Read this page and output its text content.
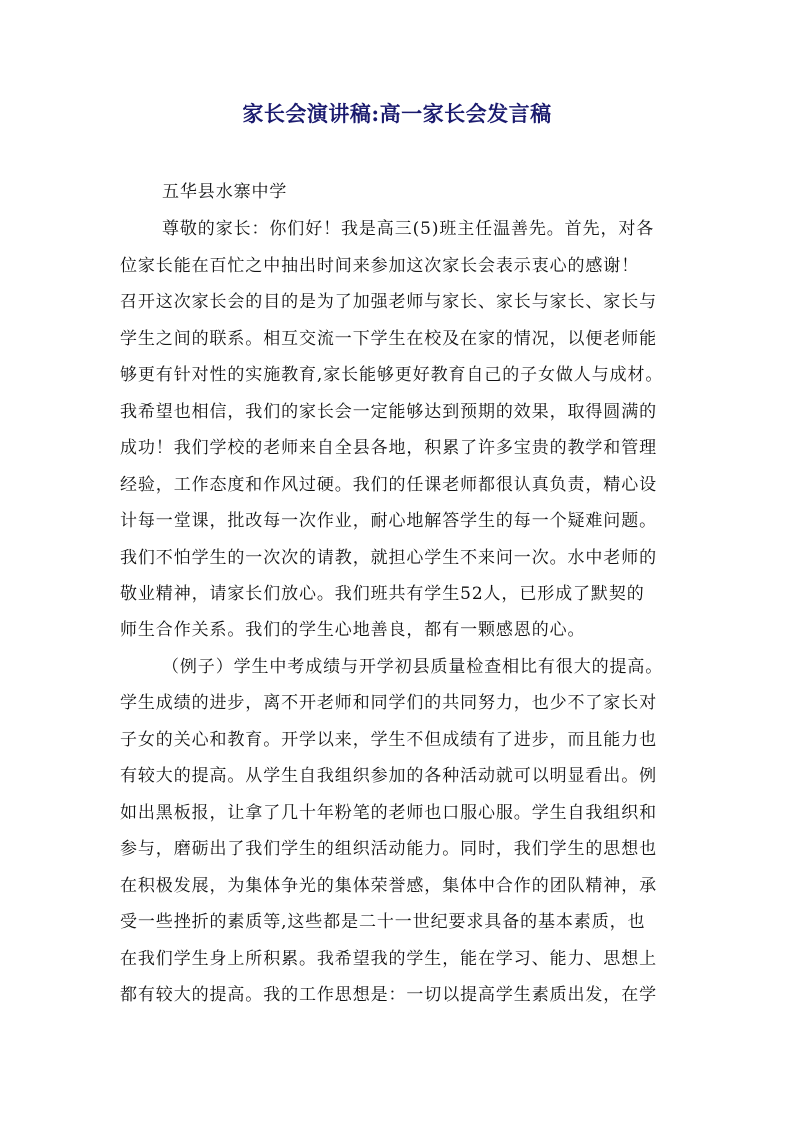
家长会演讲稿:高一家长会发言稿
五华县水寨中学
尊敬的家长：你们好！我是高三(5)班主任温善先。首先，对各
位家长能在百忙之中抽出时间来参加这次家长会表示衷心的感谢！
召开这次家长会的目的是为了加强老师与家长、家长与家长、家长与
学生之间的联系。相互交流一下学生在校及在家的情况，以便老师能
够更有针对性的实施教育,家长能够更好教育自己的子女做人与成材。
我希望也相信，我们的家长会一定能够达到预期的效果，取得圆满的
成功！我们学校的老师来自全县各地，积累了许多宝贵的教学和管理
经验，工作态度和作风过硬。我们的任课老师都很认真负责，精心设
计每一堂课，批改每一次作业，耐心地解答学生的每一个疑难问题。
我们不怕学生的一次次的请教，就担心学生不来问一次。水中老师的
敬业精神，请家长们放心。我们班共有学生52人，已形成了默契的
师生合作关系。我们的学生心地善良，都有一颗感恩的心。
（例子）学生中考成绩与开学初县质量检查相比有很大的提高。
学生成绩的进步，离不开老师和同学们的共同努力，也少不了家长对
子女的关心和教育。开学以来，学生不但成绩有了进步，而且能力也
有较大的提高。从学生自我组织参加的各种活动就可以明显看出。例
如出黑板报，让拿了几十年粉笔的老师也口服心服。学生自我组织和
参与，磨砺出了我们学生的组织活动能力。同时，我们学生的思想也
在积极发展，为集体争光的集体荣誉感，集体中合作的团队精神，承
受一些挫折的素质等,这些都是二十一世纪要求具备的基本素质，也
在我们学生身上所积累。我希望我的学生，能在学习、能力、思想上
都有较大的提高。我的工作思想是：一切以提高学生素质出发，在学
